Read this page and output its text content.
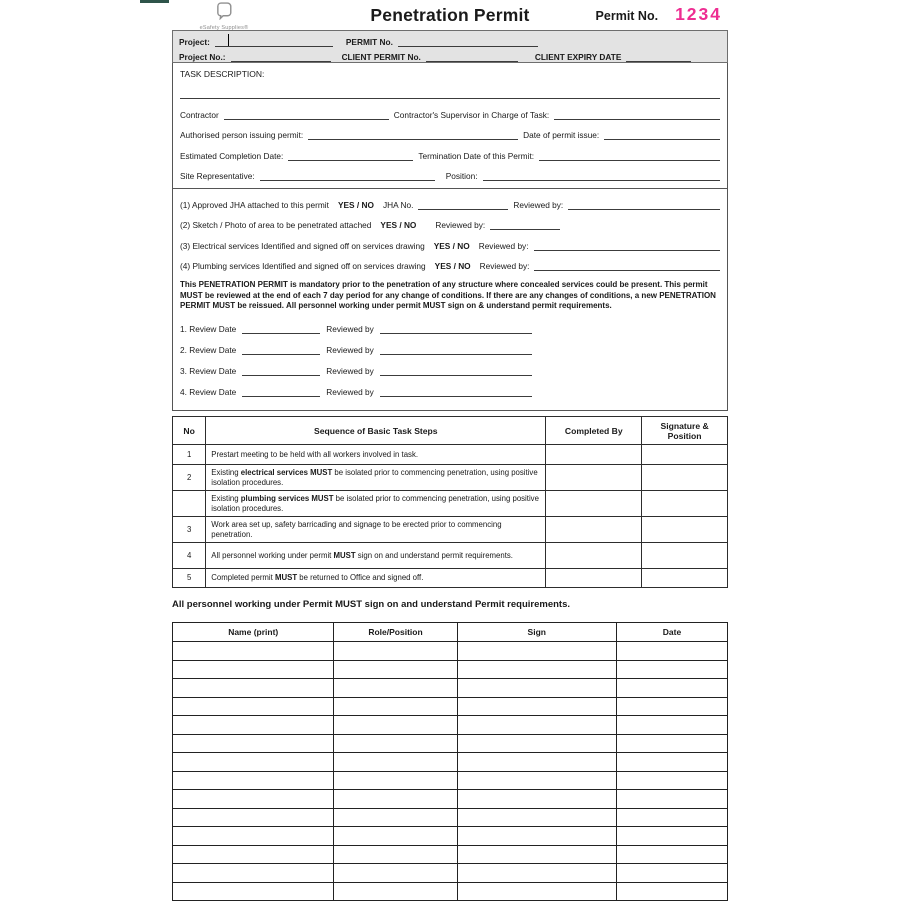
eSafety Supplies®
Penetration Permit	Permit No. 1234
Project:	PERMIT No.
Project No.:	CLIENT PERMIT No.	CLIENT EXPIRY DATE
TASK DESCRIPTION:
Contractor	Contractor's Supervisor in Charge of Task:
Authorised person issuing permit:	Date of permit issue:
Estimated Completion Date:	Termination Date of this Permit:
Site Representative:	Position:
(1) Approved JHA attached to this permit YES / NO JHA No.	Reviewed by:
(2) Sketch / Photo of area to be penetrated attached YES / NO Reviewed by:
(3) Electrical services Identified and signed off on services drawing YES / NO Reviewed by:
(4) Plumbing services Identified and signed off on services drawing YES / NO Reviewed by:
This PENETRATION PERMIT is mandatory prior to the penetration of any structure where concealed services could be present. This permit MUST be reviewed at the end of each 7 day period for any change of conditions. If there are any changes of conditions, a new PENETRATION PERMIT MUST be reissued. All personnel working under permit MUST sign on & understand permit requirements.
1. Review Date	Reviewed by
2. Review Date	Reviewed by
3. Review Date	Reviewed by
4. Review Date	Reviewed by
No	Sequence of Basic Task Steps	Completed By	Signature & Position
1	Prestart meeting to be held with all workers involved in task.		
2	Existing electrical services MUST be isolated prior to commencing penetration, using positive isolation procedures.		
	Existing plumbing services MUST be isolated prior to commencing penetration, using positive isolation procedures.		
3	Work area set up, safety barricading and signage to be erected prior to commencing penetration.		
4	All personnel working under permit MUST sign on and understand permit requirements.		
5	Completed permit MUST be returned to Office and signed off.		
All personnel working under Permit MUST sign on and understand Permit requirements.
Name (print)	Role/Position	Sign	Date
